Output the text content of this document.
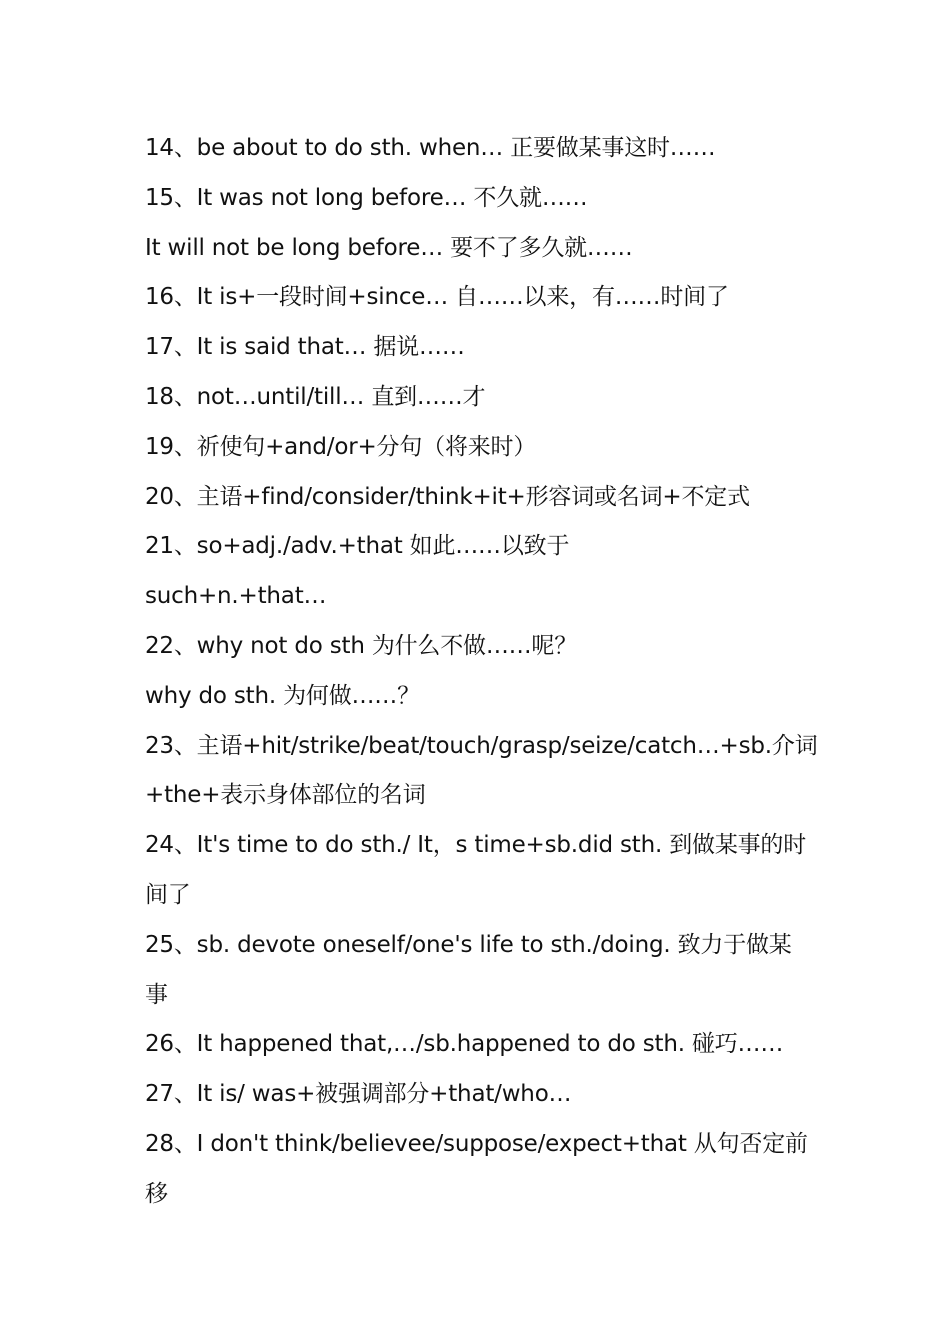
14、be about to do sth. when… 正要做某事这时……
15、It was not long before… 不久就……
It will not be long before… 要不了多久就……
16、It is+一段时间+since… 自……以来，有……时间了
17、It is said that… 据说……
18、not…until/till… 直到……才
19、祈使句+and/or+分句（将来时）
20、主语+find/consider/think+it+形容词或名词+不定式
21、so+adj./adv.+that 如此……以致于
such+n.+that…
22、why not do sth 为什么不做……呢？
why do sth. 为何做……？
23、主语+hit/strike/beat/touch/grasp/seize/catch…+sb.介词
+the+表示身体部位的名词
24、It's time to do sth./ It，s time+sb.did sth. 到做某事的时
间了
25、sb. devote oneself/one's life to sth./doing. 致力于做某
事
26、It happened that,…/sb.happened to do sth. 碰巧……
27、It is/ was+被强调部分+that/who…
28、I don't think/believee/suppose/expect+that 从句否定前
移
